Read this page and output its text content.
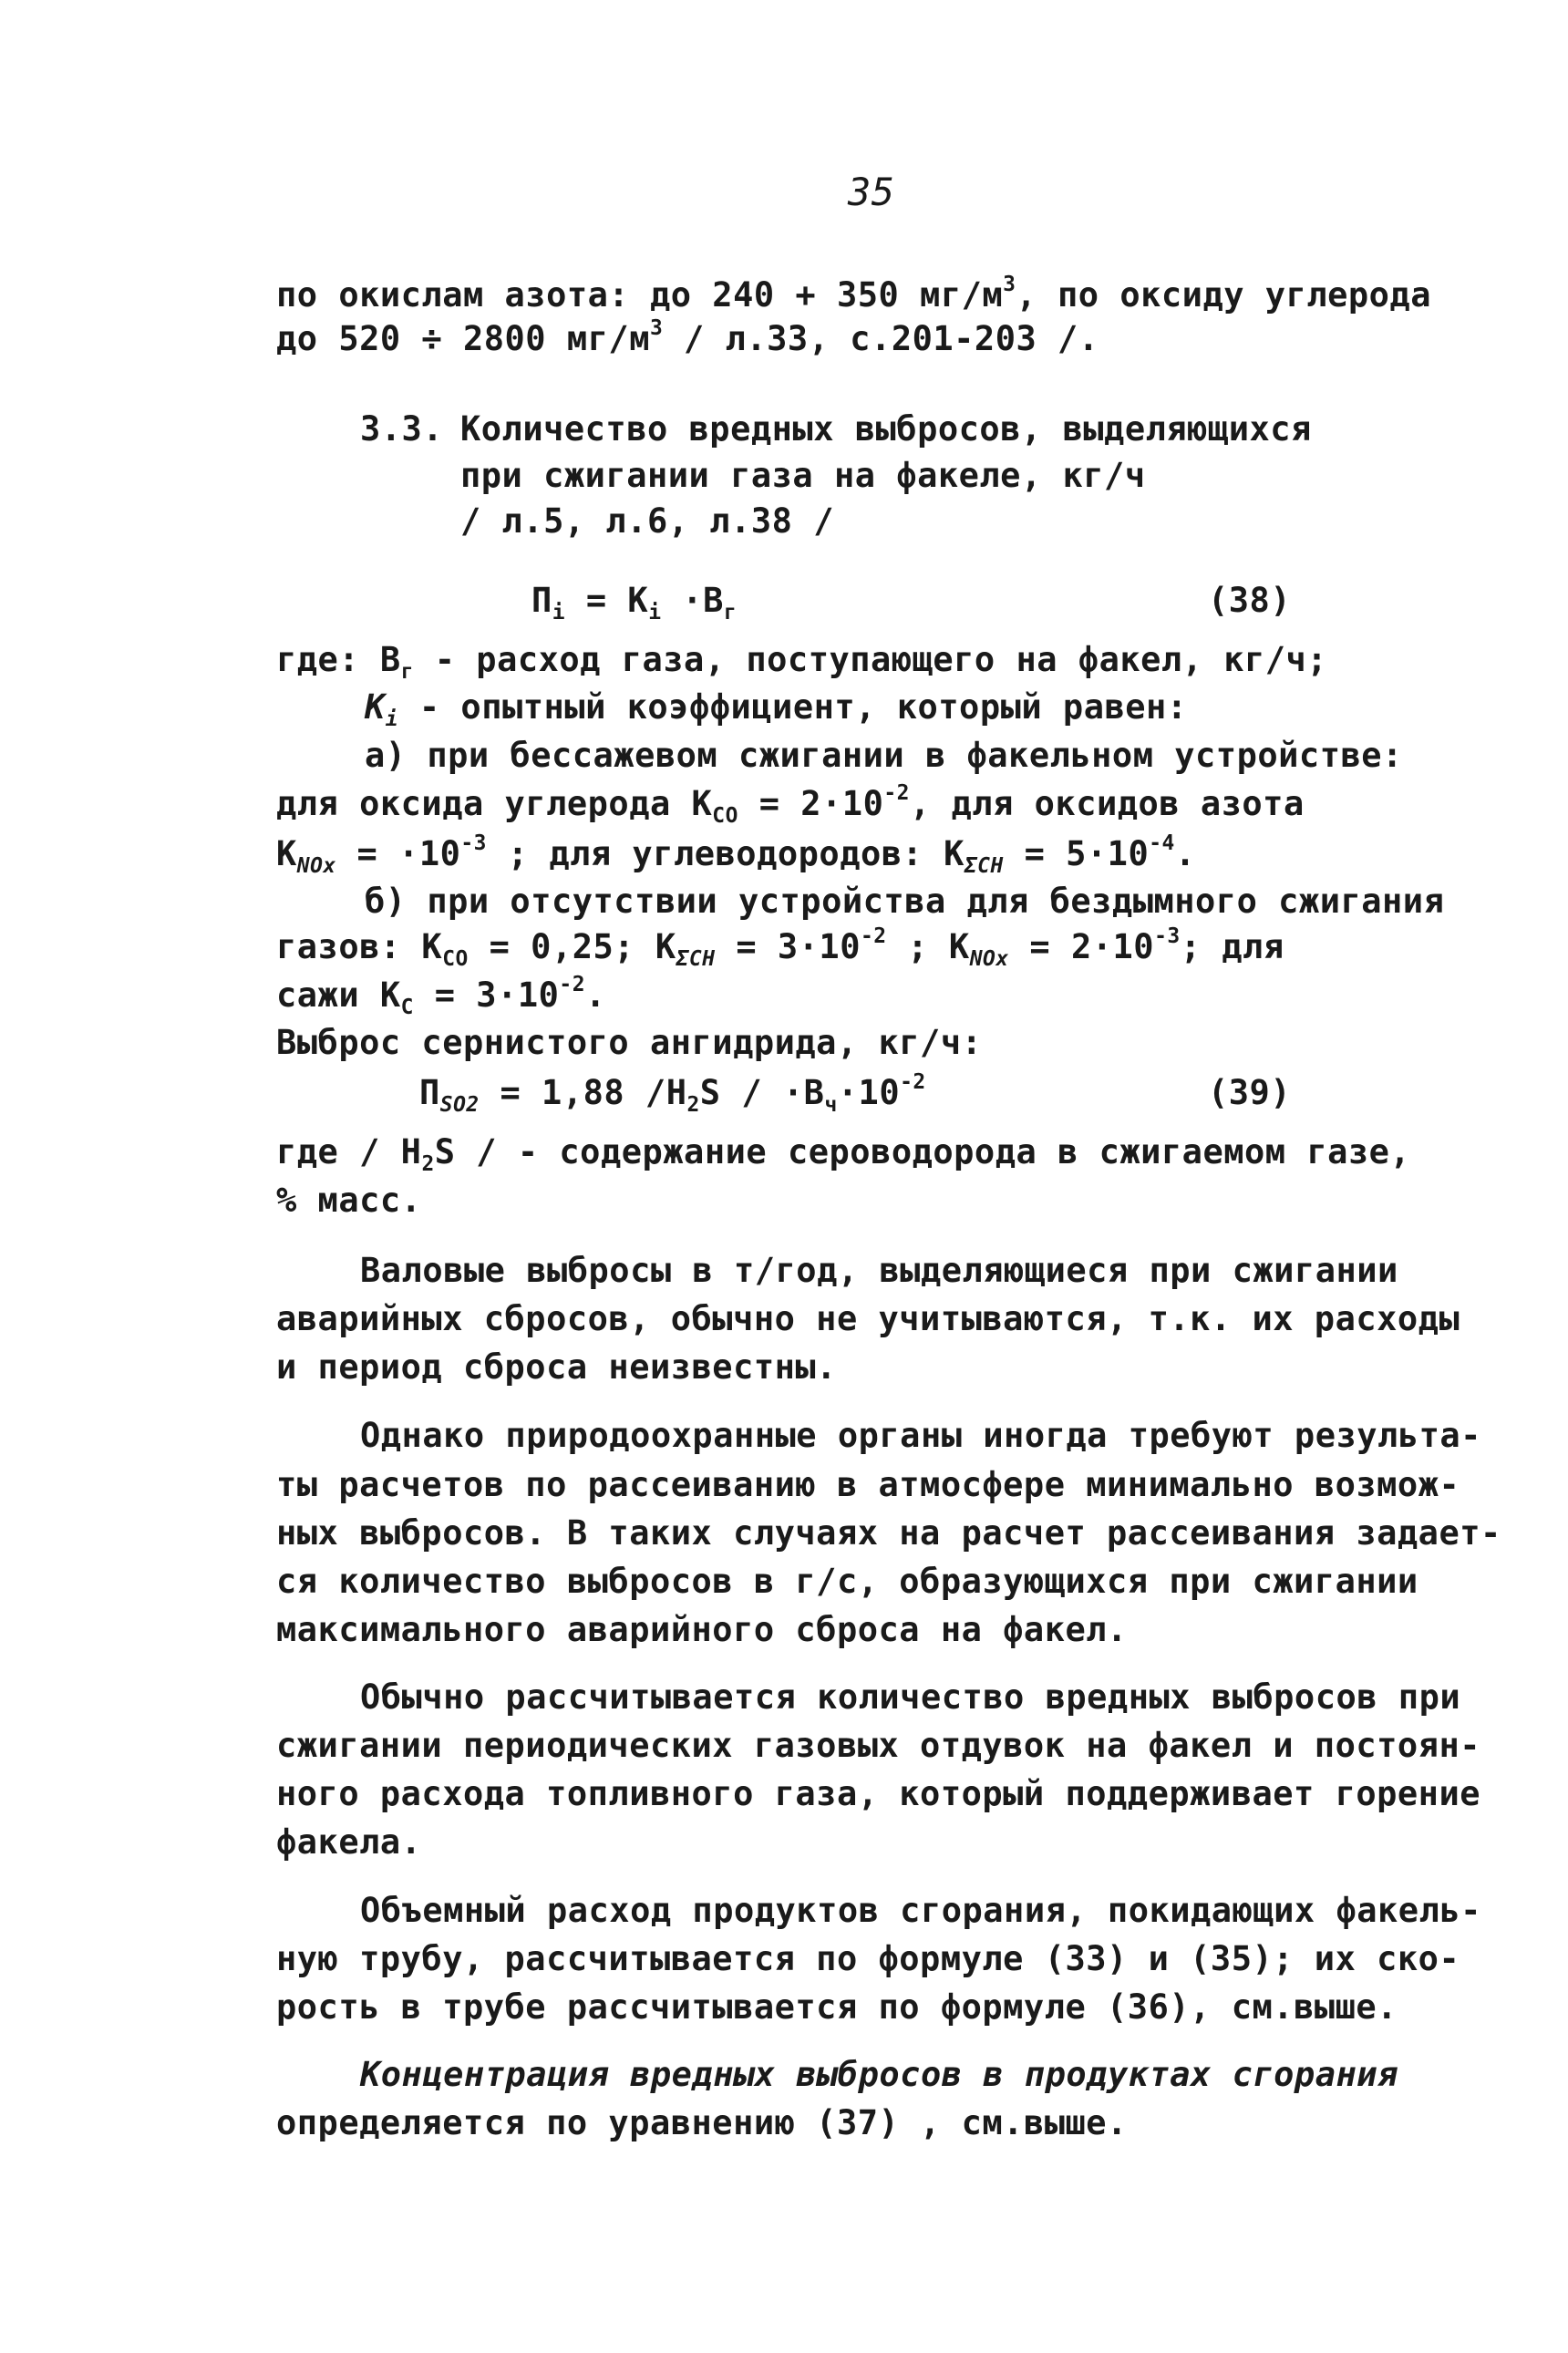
35
по окислам азота: до 240 + 350 $мг/м^3$, по оксиду углерода
до 520 ÷ 2800 $мг/м^3 / л.33$, с.201-203 /.
3.3. Количество вредных выбросов, выделяющихся
при сжигании газа на факеле, кг/ч
/ л.5, л.6, л.38 /
$П_i = K_i \cdot В_г$	(38)
где: $В_г$ - расход газа, поступающего на факел, кг/ч;
$K_i$ - опытный коэффициент, который равен:
а) при бессажевом сжигании в факельном устройстве:
для оксида углерода $K_{CO} = 2\cdot 10^{-2}$, для оксидов азота
$K_{NOx} = \cdot 10^{-3}$ ; для углеводородов: $K_{\Sigma CH} = 5\cdot 10^{-4}$.
б) при отсутствии устройства для бездымного сжигания
газов: $K_{CO} = 0,25$; $K_{\Sigma CH} = 3\cdot 10^{-2}$ ; $K_{NOx} = 2\cdot 10^{-3}$; для
сажи $K_С = 3\cdot 10^{-2}$.
Выброс сернистого ангидрида, кг/ч:
$П_{SO2} = 1,88$ $/H_2S / \cdot В_ч\cdot 10^{-2}$	(39)
где / $H_2S$ / - содержание сероводорода в сжигаемом газе,
% масс.
Валовые выбросы в т/год, выделяющиеся при сжигании
аварийных сбросов, обычно не учитываются, т.к. их расходы
и период сброса неизвестны.
Однако природоохранные органы иногда требуют результа-
ты расчетов по рассеиванию в атмосфере минимально возмож-
ных выбросов. В таких случаях на расчет рассеивания задает-
ся количество выбросов в г/с, образующихся при сжигании
максимального аварийного сброса на факел.
Обычно рассчитывается количество вредных выбросов при
сжигании периодических газовых отдувок на факел и постоян-
ного расхода топливного газа, который поддерживает горение
факела.
Объемный расход продуктов сгорания, покидающих факель-
ную трубу, рассчитывается по формуле (33) и (35); их ско-
рость в трубе рассчитывается по формуле (36), см.выше.
Концентрация вредных выбросов в продуктах сгорания
определяется по уравнению (37) , см.выше.
